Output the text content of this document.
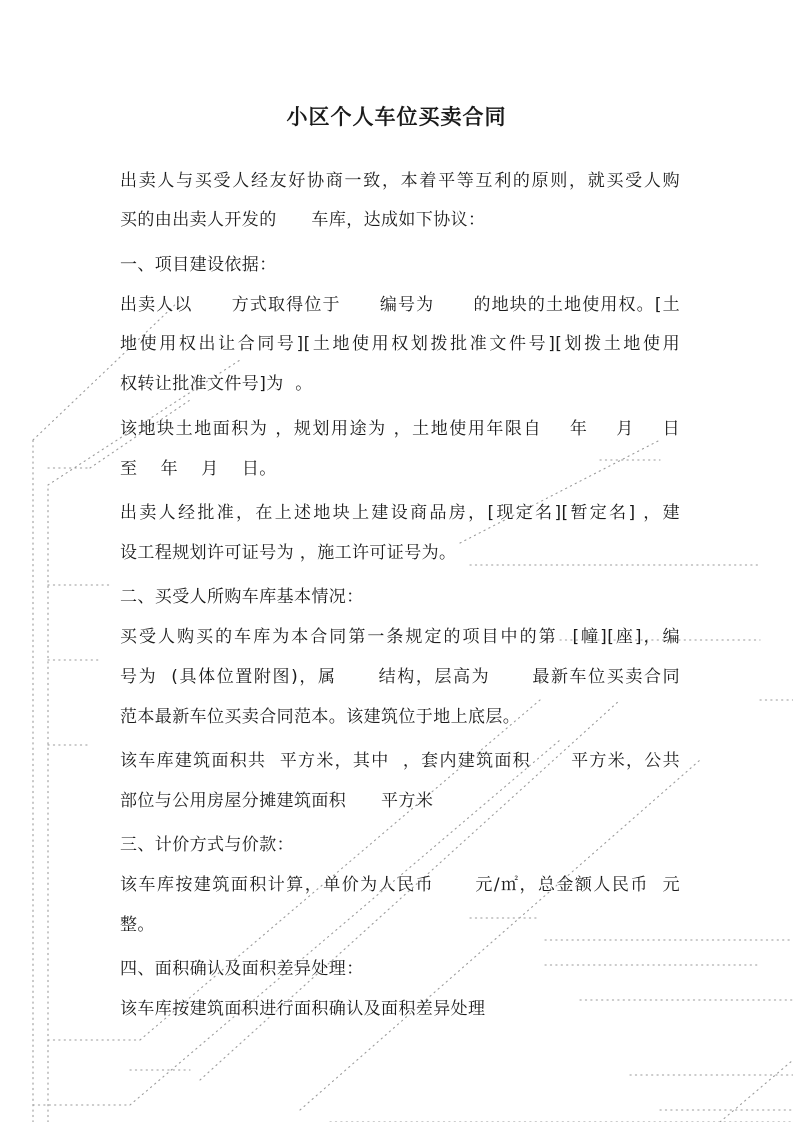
小区个人车位买卖合同

出卖人与买受人经友好协商一致，本着平等互利的原则，就买受人购

买的由出卖人开发的      车库，达成如下协议：

一、项目建设依据：

出卖人以      方式取得位于      编号为      的地块的土地使用权。[土

地使用权出让合同号][土地使用权划拨批准文件号][划拨土地使用

权转让批准文件号]为  。

该地块土地面积为 ，规划用途为 ，土地使用年限自    年    月    日

至    年    月    日。

出卖人经批准，在上述地块上建设商品房，[现定名][暂定名] ，建

设工程规划许可证号为 ，施工许可证号为。

二、买受人所购车库基本情况：

买受人购买的车库为本合同第一条规定的项目中的第  [幢][座]，编

号为  (具体位置附图)，属      结构，层高为      最新车位买卖合同

范本最新车位买卖合同范本。该建筑位于地上底层。

该车库建筑面积共  平方米，其中  ，套内建筑面积      平方米，公共

部位与公用房屋分摊建筑面积      平方米

三、计价方式与价款：

该车库按建筑面积计算，单价为人民币      元/㎡，总金额人民币  元

整。

四、面积确认及面积差异处理：

该车库按建筑面积进行面积确认及面积差异处理
